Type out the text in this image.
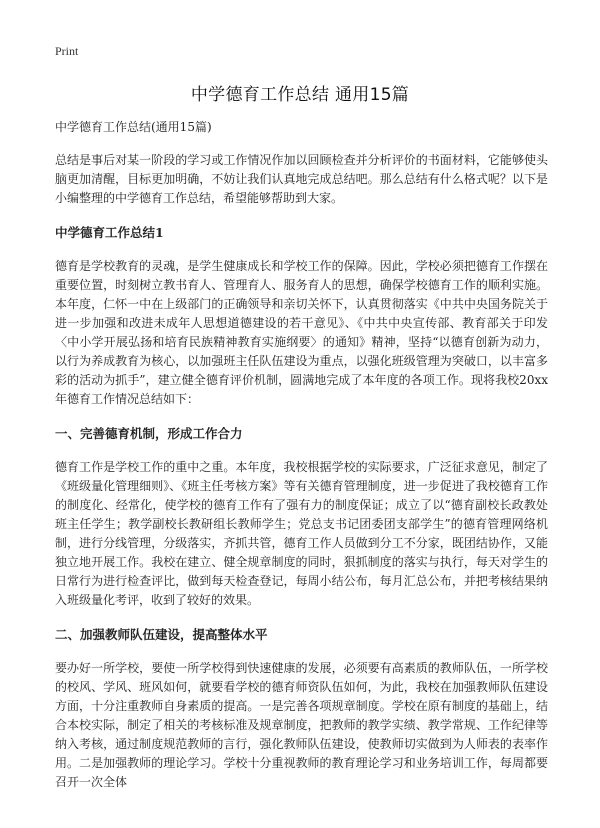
Print
中学德育工作总结 通用15篇
中学德育工作总结(通用15篇)
总结是事后对某一阶段的学习或工作情况作加以回顾检查并分析评价的书面材料，它能够使头脑更加清醒，目标更加明确，不妨让我们认真地完成总结吧。那么总结有什么格式呢？以下是小编整理的中学德育工作总结，希望能够帮助到大家。
中学德育工作总结1
德育是学校教育的灵魂，是学生健康成长和学校工作的保障。因此，学校必须把德育工作摆在重要位置，时刻树立教书育人、管理育人、服务育人的思想，确保学校德育工作的顺利实施。本年度，仁怀一中在上级部门的正确领导和亲切关怀下，认真贯彻落实《中共中央国务院关于进一步加强和改进未成年人思想道德建设的若干意见》、《中共中央宣传部、教育部关于印发〈中小学开展弘扬和培育民族精神教育实施纲要〉的通知》精神，坚持“以德育创新为动力，以行为养成教育为核心，以加强班主任队伍建设为重点，以强化班级管理为突破口，以丰富多彩的活动为抓手”，建立健全德育评价机制，圆满地完成了本年度的各项工作。现将我校20xx年德育工作情况总结如下：
一、完善德育机制，形成工作合力
德育工作是学校工作的重中之重。本年度，我校根据学校的实际要求，广泛征求意见，制定了《班级量化管理细则》、《班主任考核方案》等有关德育管理制度，进一步促进了我校德育工作的制度化、经常化，使学校的德育工作有了强有力的制度保证；成立了以“德育副校长政教处班主任学生；教学副校长教研组长教师学生；党总支书记团委团支部学生”的德育管理网络机制，进行分线管理，分级落实，齐抓共管，德育工作人员做到分工不分家，既团结协作，又能独立地开展工作。我校在建立、健全规章制度的同时，狠抓制度的落实与执行，每天对学生的日常行为进行检查评比，做到每天检查登记，每周小结公布，每月汇总公布，并把考核结果纳入班级量化考评，收到了较好的效果。
二、加强教师队伍建设，提高整体水平
要办好一所学校，要使一所学校得到快速健康的发展，必须要有高素质的教师队伍，一所学校的校风、学风、班风如何，就要看学校的德育师资队伍如何，为此，我校在加强教师队伍建设方面，十分注重教师自身素质的提高。一是完善各项规章制度。学校在原有制度的基础上，结合本校实际，制定了相关的考核标准及规章制度，把教师的教学实绩、教学常规、工作纪律等纳入考核，通过制度规范教师的言行，强化教师队伍建设，使教师切实做到为人师表的表率作用。二是加强教师的理论学习。学校十分重视教师的教育理论学习和业务培训工作，每周都要召开一次全体
